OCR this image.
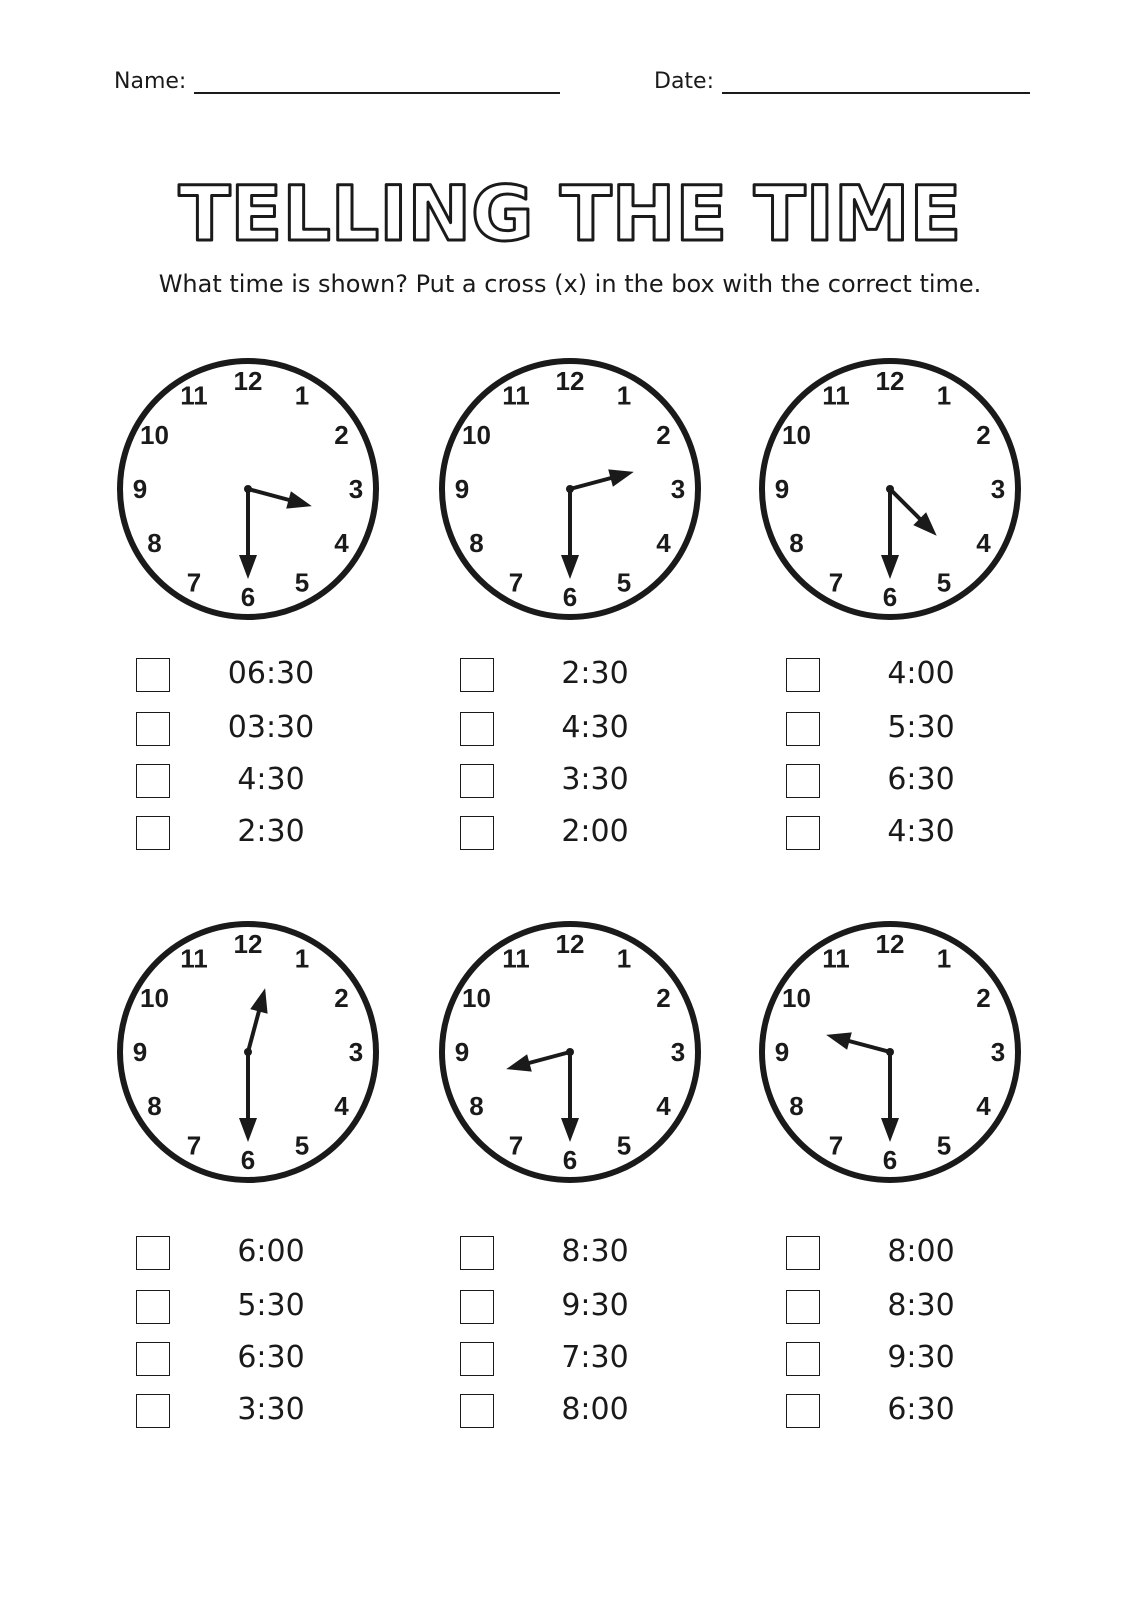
Name:	Date:
TELLING THE TIME
What time is shown? Put a cross (x) in the box with the correct time.
12 1
2
3
4
5
6
7
8
9
10
11	12 1
2
3
4
5
6
7
8
9
10
11	12 1
2
3
4
5
6
7
8
9
10
11
12 1
2
3
4
5
6
7
8
9
10
11	12 1
2
3
4
5
6
7
8
9
10
11	12 1
2
3
4
5
6
7
8
9
10
11
06:30
03:30
4:30
2:30
2:30
4:30
3:30
2:00
4:00
5:30
6:30
4:30
6:00
5:30
6:30
3:30
8:30
9:30
7:30
8:00
8:00
8:30
9:30
6:30
